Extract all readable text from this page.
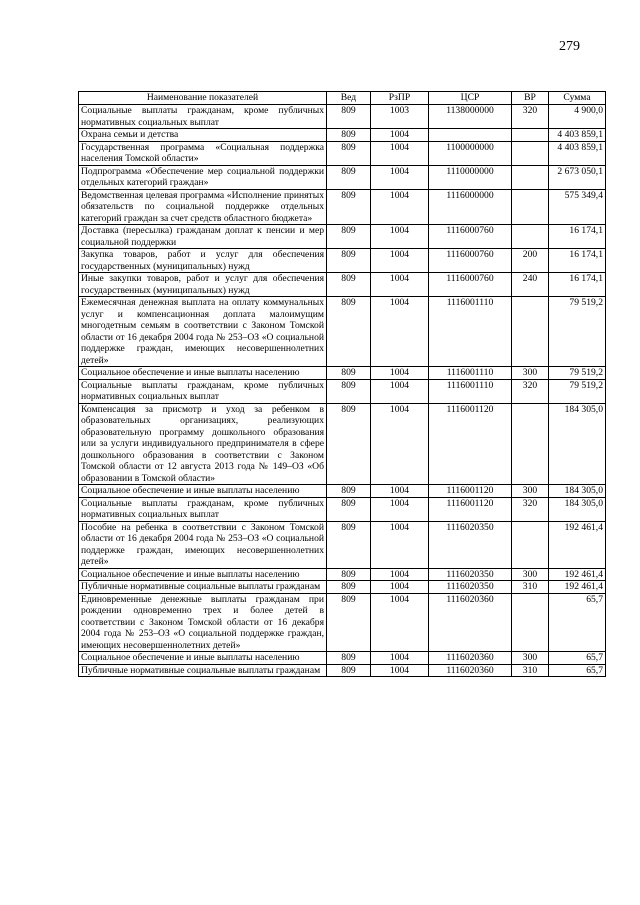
279
Наименование показателей	Вед	РзПР	ЦСР	ВР	Сумма
Социальные выплаты гражданам, кроме публичных нормативных социальных выплат	809	1003	1138000000	320	4 900,0
Охрана семьи и детства	809	1004			4 403 859,1
Государственная программа «Социальная поддержка населения Томской области»	809	1004	1100000000		4 403 859,1
Подпрограмма «Обеспечение мер социальной поддержки отдельных категорий граждан»	809	1004	1110000000		2 673 050,1
Ведомственная целевая программа «Исполнение принятых обязательств по социальной поддержке отдельных категорий граждан за счет средств областного бюджета»	809	1004	1116000000		575 349,4
Доставка (пересылка) гражданам доплат к пенсии и мер социальной поддержки	809	1004	1116000760		16 174,1
Закупка товаров, работ и услуг для обеспечения государственных (муниципальных) нужд	809	1004	1116000760	200	16 174,1
Иные закупки товаров, работ и услуг для обеспечения государственных (муниципальных) нужд	809	1004	1116000760	240	16 174,1
Ежемесячная денежная выплата на оплату коммунальных услуг и компенсационная доплата малоимущим многодетным семьям в соответствии с Законом Томской области от 16 декабря 2004 года № 253–ОЗ «О социальной поддержке граждан, имеющих несовершеннолетних детей»	809	1004	1116001110		79 519,2
Социальное обеспечение и иные выплаты населению	809	1004	1116001110	300	79 519,2
Социальные выплаты гражданам, кроме публичных нормативных социальных выплат	809	1004	1116001110	320	79 519,2
Компенсация за присмотр и уход за ребенком в образовательных организациях, реализующих образовательную программу дошкольного образования или за услуги индивидуального предпринимателя в сфере дошкольного образования в соответствии с Законом Томской области от 12 августа 2013 года № 149–ОЗ «Об образовании в Томской области»	809	1004	1116001120		184 305,0
Социальное обеспечение и иные выплаты населению	809	1004	1116001120	300	184 305,0
Социальные выплаты гражданам, кроме публичных нормативных социальных выплат	809	1004	1116001120	320	184 305,0
Пособие на ребенка в соответствии с Законом Томской области от 16 декабря 2004 года № 253–ОЗ «О социальной поддержке граждан, имеющих несовершеннолетних детей»	809	1004	1116020350		192 461,4
Социальное обеспечение и иные выплаты населению	809	1004	1116020350	300	192 461,4
Публичные нормативные социальные выплаты гражданам	809	1004	1116020350	310	192 461,4
Единовременные денежные выплаты гражданам при рождении одновременно трех и более детей в соответствии с Законом Томской области от 16 декабря 2004 года № 253–ОЗ «О социальной поддержке граждан, имеющих несовершеннолетних детей»	809	1004	1116020360		65,7
Социальное обеспечение и иные выплаты населению	809	1004	1116020360	300	65,7
Публичные нормативные социальные выплаты гражданам	809	1004	1116020360	310	65,7
